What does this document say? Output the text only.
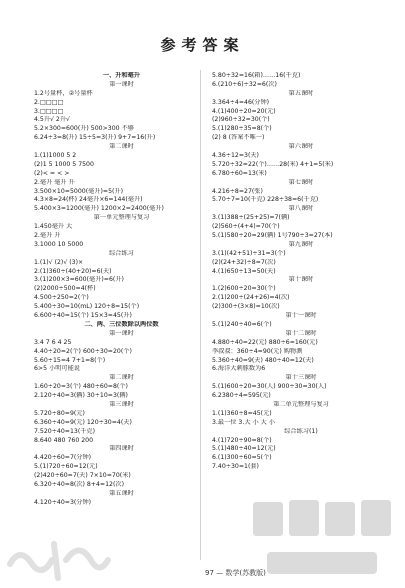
参考答案
一、升和毫升
第一课时
1.2号量杯，②号量杯
2.□□□□
3.□□□□
4.5升√ 2升√
5.2×300=600(升) 500>300 不够
6.24÷3=8(升) 15÷5=3(升) 9+7=16(升)
第二课时
1.(1)1000 5 2
(2)1 5 1000 5 7500
(2)< = < >
2.毫升 毫升 升
3.500×10=5000(毫升)=5(升)
4.3×8=24(杯) 24毫升×6=144(毫升)
5.400×3=1200(毫升) 1200×2=2400(毫升)
第一单元整理与复习
1.450毫升 大
2.毫升 升
3.1000 10 5000
综合练习
1.(1)√ (2)√ (3)×
2.(1)360÷(40+20)=6(天)
3.(1)200×3=600(毫升)=6(升)
(2)2000÷500=4(杯)
4.500÷250=2(个)
5.400÷30=10(mL) 120÷8=15(个)
6.600÷40=15(个) 15×3=45(升)
二、两、三位数除以两位数
第一课时
3.4 7 6 4 25
4.40÷20=2(个) 600÷30=20(个)
5.60÷15=4 7+1=8(个)
6>5 小明可能说
第二课时
1.60÷20=3(个) 480÷60=8(个)
2.120÷40=3(辆) 30÷10=3(辆)
第三课时
5.720÷80=9(元)
6.360÷40=9(元) 120÷30=4(天)
7.520÷40=13(千克)
8.640 480 760 200
第四课时
4.420÷60=7(分钟)
5.(1)720÷60=12(元)
(2)420÷60=7(天) 7×10=70(米)
6.320÷40=8(次) 8+4=12(次)
第五课时
4.120÷40=3(分钟)
5.80÷32=16(箱)……16(千克)
6.(210÷6)÷32=6(次)
第五课时
3.364÷4=46(分钟)
4.(1)400÷20=20(元)
(2)960÷32=30(个)
5.(1)280÷35=8(个)
(2) 8 (答案不唯一)
第六课时
4.36÷12=3(天)
5.720÷32=22(个)……28(米) 4+1=5(米)
6.780÷60=13(米)
第七课时
4.216÷8=27(张)
5.70÷7=10(千克) 228÷38=6(千克)
第八课时
3.(1)388÷(25+25)=7(辆)
(2)560÷(4+4)=70(个)
5.(1)580÷20=29(辆) 1号790÷3=27(本)
第九课时
3.(1)(42+51)÷31=3(个)
(2)(24+32)÷8=7(次)
4.(1)650÷13=50(天)
第十课时
1.(2)600÷20=30(个)
2.(1)200÷(24+26)=4(次)
(2)300÷(3×8)=10(次)
第十一课时
5.(1)240÷40=6(个)
第十二课时
4.880÷40=22(元) 880÷6=160(元)
李叔叔：360÷4=90(元) 购物测
5.360÷40=9(天) 480÷40=12(天)
6.海洋大刺豚数为6
第十三课时
5.(1)600÷20=30(人) 900÷30=30(人)
6.2380÷4=595(元)
第二单元整理与复习
1.(1)360÷8=45(元)
3.最一位 3.大 小 大 小
综合练习(1)
4.(1)720÷90=8(个)
5.(1)480÷40=12(元)
6.(1)300÷60=5(个)
7.40÷30=1(套)
97 — 数学(苏教版)
